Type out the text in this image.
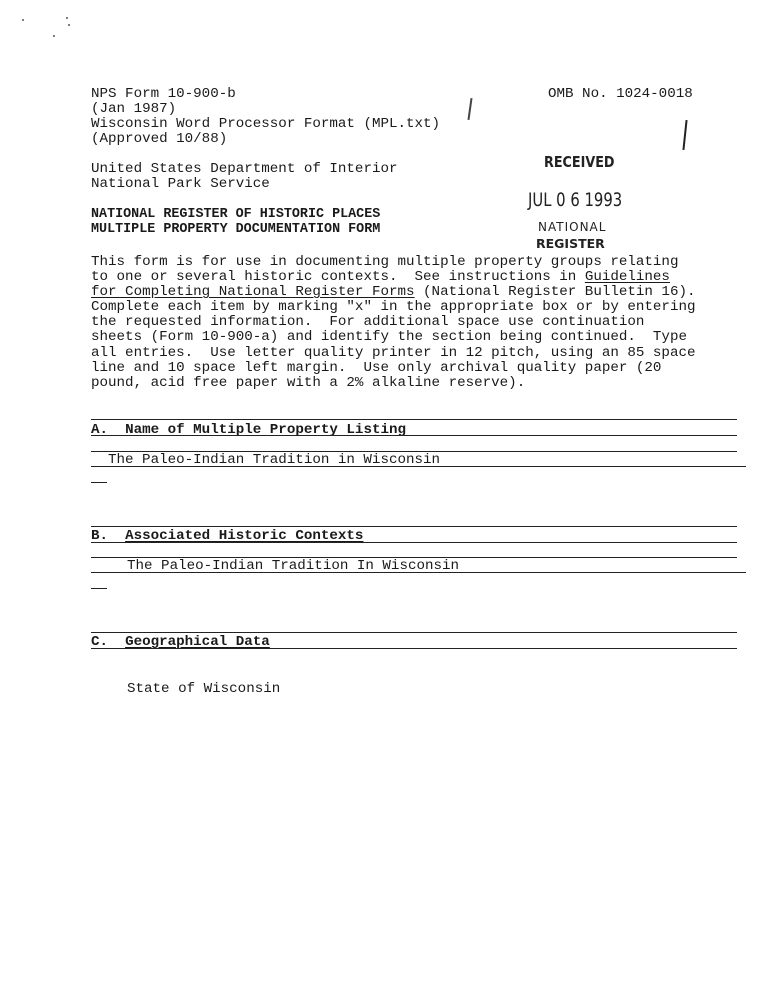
NPS Form 10-900-b
(Jan 1987)
Wisconsin Word Processor Format (MPL.txt)
(Approved 10/88)
OMB No. 1024-0018
United States Department of Interior
National Park Service
NATIONAL REGISTER OF HISTORIC PLACES
MULTIPLE PROPERTY DOCUMENTATION FORM
RECEIVED
JUL 0 6 1993
NATIONAL
REGISTER
This form is for use in documenting multiple property groups relating
to one or several historic contexts.  See instructions in Guidelines
for Completing National Register Forms (National Register Bulletin 16).
Complete each item by marking "x" in the appropriate box or by entering
the requested information.  For additional space use continuation
sheets (Form 10-900-a) and identify the section being continued.  Type
all entries.  Use letter quality printer in 12 pitch, using an 85 space
line and 10 space left margin.  Use only archival quality paper (20
pound, acid free paper with a 2% alkaline reserve).
A. Name of Multiple Property Listing
The Paleo-Indian Tradition in Wisconsin
B. Associated Historic Contexts
The Paleo-Indian Tradition In Wisconsin
C. Geographical Data
State of Wisconsin
